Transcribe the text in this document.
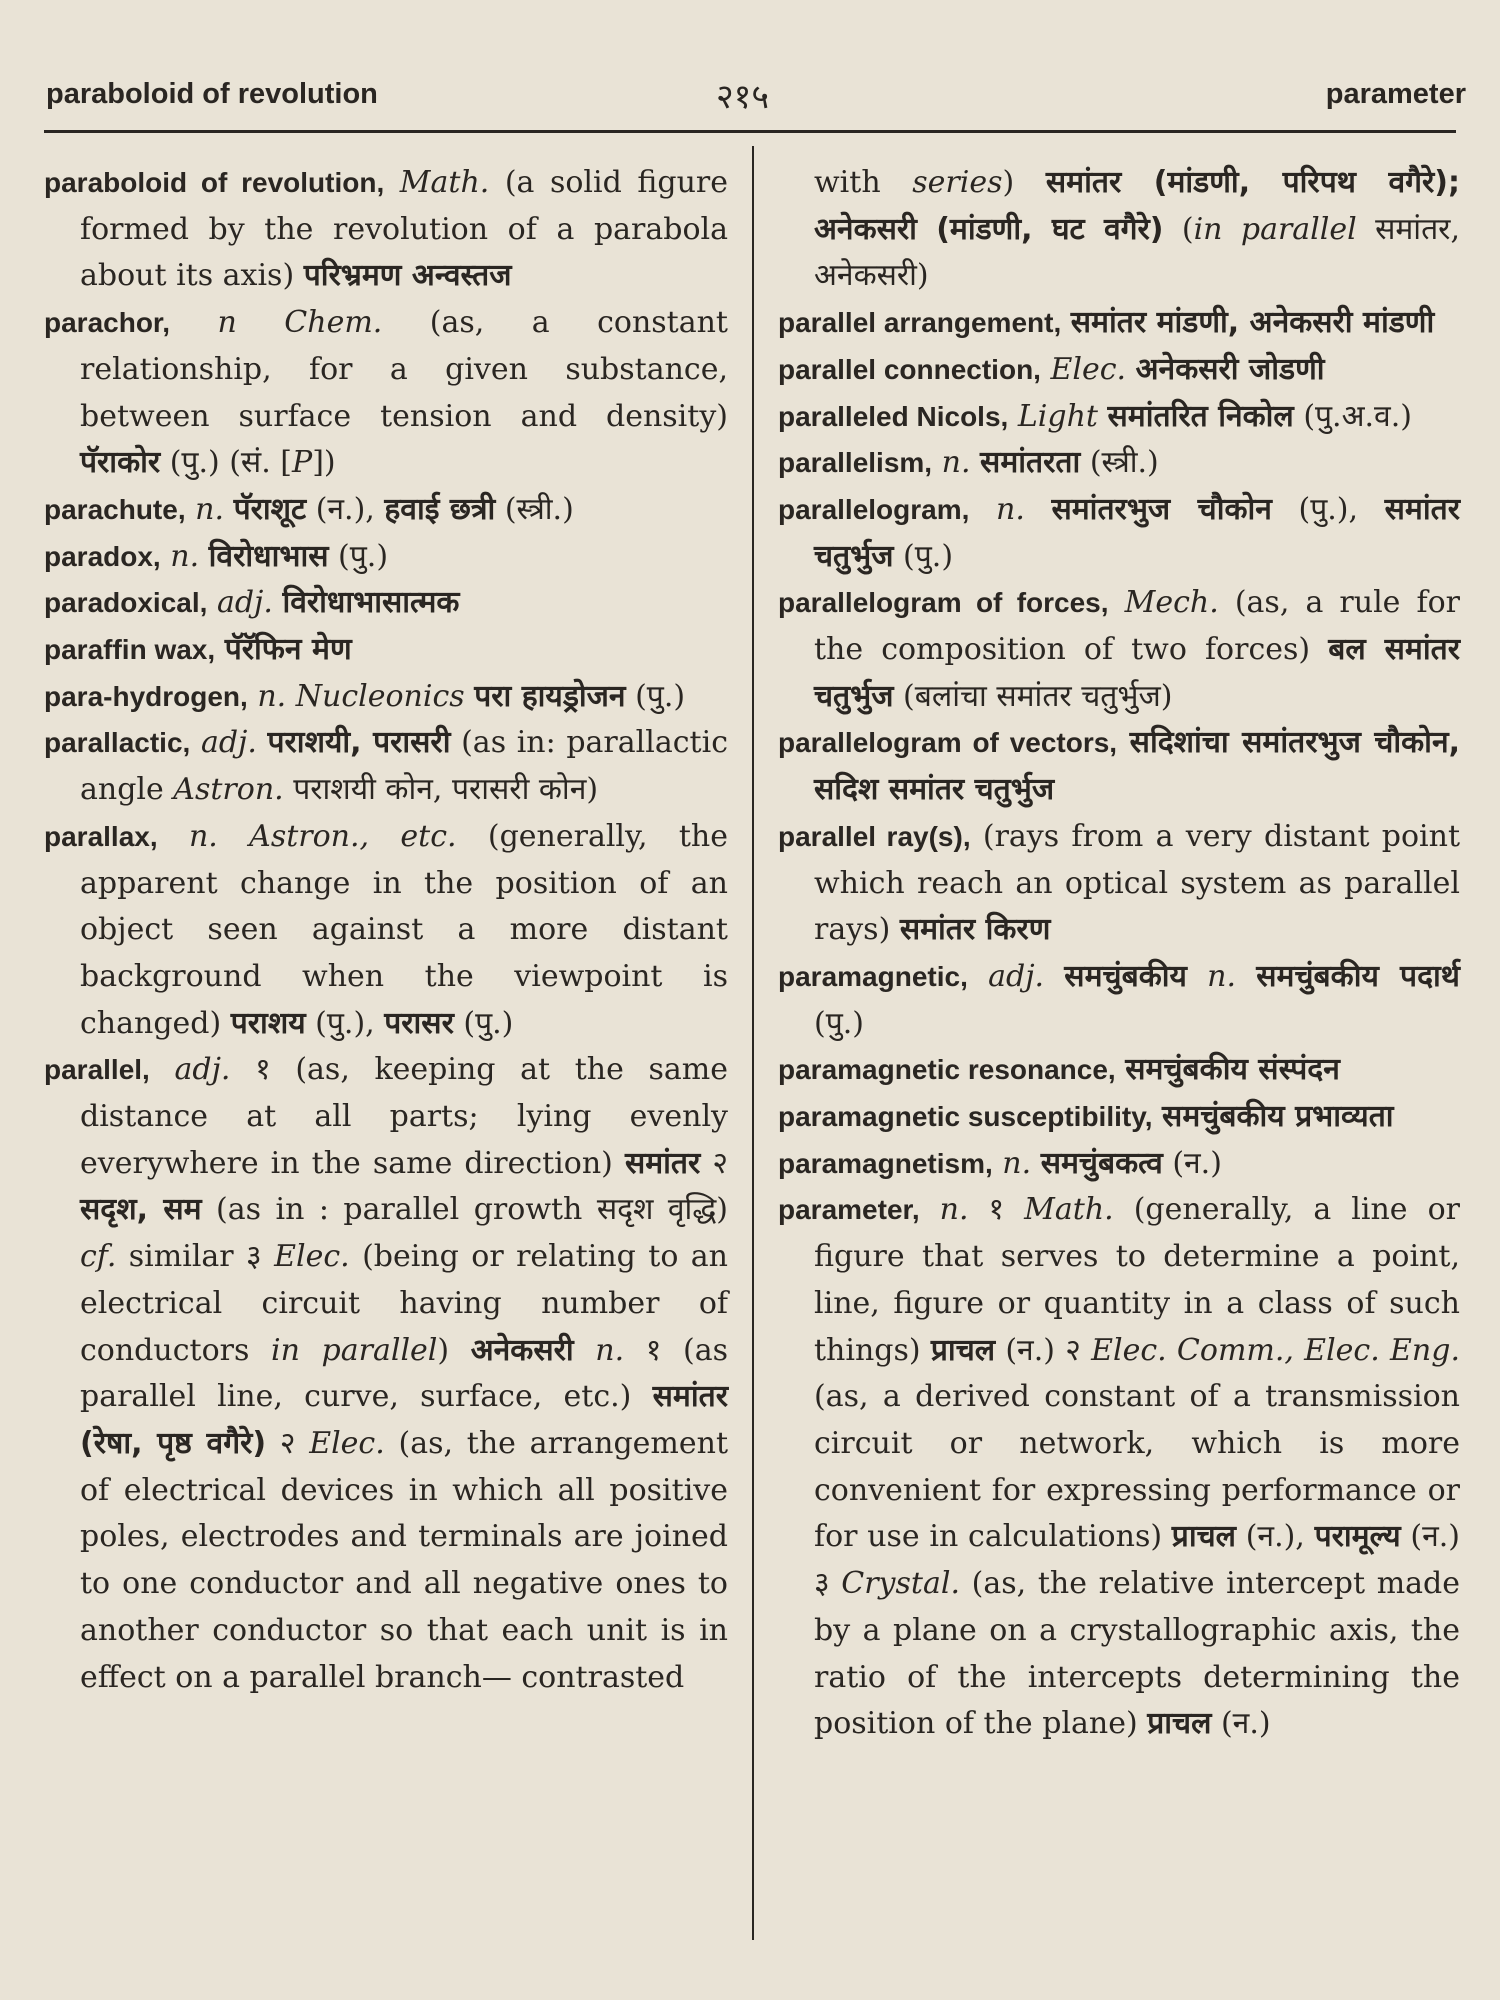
paraboloid of revolution	२१५	parameter
paraboloid of revolution, Math. (a solid figure formed by the revolution of a parabola about its axis) परिभ्रमण अन्वस्तज
parachor, n Chem. (as, a constant relationship, for a given substance, between surface tension and density) पॅराकोर (पु.) (सं. [P])
parachute, n. पॅराशूट (न.), हवाई छत्री (स्त्री.)
paradox, n. विरोधाभास (पु.)
paradoxical, adj. विरोधाभासात्मक
paraffin wax, पॅरॅफिन मेण
para-hydrogen, n. Nucleonics परा हायड्रोजन (पु.)
parallactic, adj. पराशयी, परासरी (as in: parallactic angle Astron. पराशयी कोन, परासरी कोन)
parallax, n. Astron., etc. (generally, the apparent change in the position of an object seen against a more distant background when the viewpoint is changed) पराशय (पु.), परासर (पु.)
parallel, adj. १ (as, keeping at the same distance at all parts; lying evenly everywhere in the same direction) समांतर २ सदृश, सम (as in : parallel growth सदृश वृद्धि) cf. similar ३ Elec. (being or relating to an electrical circuit having number of conductors in parallel) अनेकसरी n. १ (as parallel line, curve, surface, etc.) समांतर (रेषा, पृष्ठ वगैरे) २ Elec. (as, the arrangement of electrical devices in which all positive poles, electrodes and terminals are joined to one conductor and all negative ones to another conductor so that each unit is in effect on a parallel branch— contrasted
with series) समांतर (मांडणी, परिपथ वगैरे); अनेकसरी (मांडणी, घट वगैरे) (in parallel समांतर, अनेकसरी)
parallel arrangement, समांतर मांडणी, अनेकसरी मांडणी
parallel connection, Elec. अनेकसरी जोडणी
paralleled Nicols, Light समांतरित निकोल (पु.अ.व.)
parallelism, n. समांतरता (स्त्री.)
parallelogram, n. समांतरभुज चौकोन (पु.), समांतर चतुर्भुज (पु.)
parallelogram of forces, Mech. (as, a rule for the composition of two forces) बल समांतर चतुर्भुज (बलांचा समांतर चतुर्भुज)
parallelogram of vectors, सदिशांचा समांतरभुज चौकोन, सदिश समांतर चतुर्भुज
parallel ray(s), (rays from a very distant point which reach an optical system as parallel rays) समांतर किरण
paramagnetic, adj. समचुंबकीय n. समचुंबकीय पदार्थ (पु.)
paramagnetic resonance, समचुंबकीय संस्पंदन
paramagnetic susceptibility, समचुंबकीय प्रभाव्यता
paramagnetism, n. समचुंबकत्व (न.)
parameter, n. १ Math. (generally, a line or figure that serves to determine a point, line, figure or quantity in a class of such things) प्राचल (न.) २ Elec. Comm., Elec. Eng. (as, a derived constant of a transmission circuit or network, which is more convenient for expressing performance or for use in calculations) प्राचल (न.), परामूल्य (न.) ३ Crystal. (as, the relative intercept made by a plane on a crystallographic axis, the ratio of the intercepts determining the position of the plane) प्राचल (न.)
